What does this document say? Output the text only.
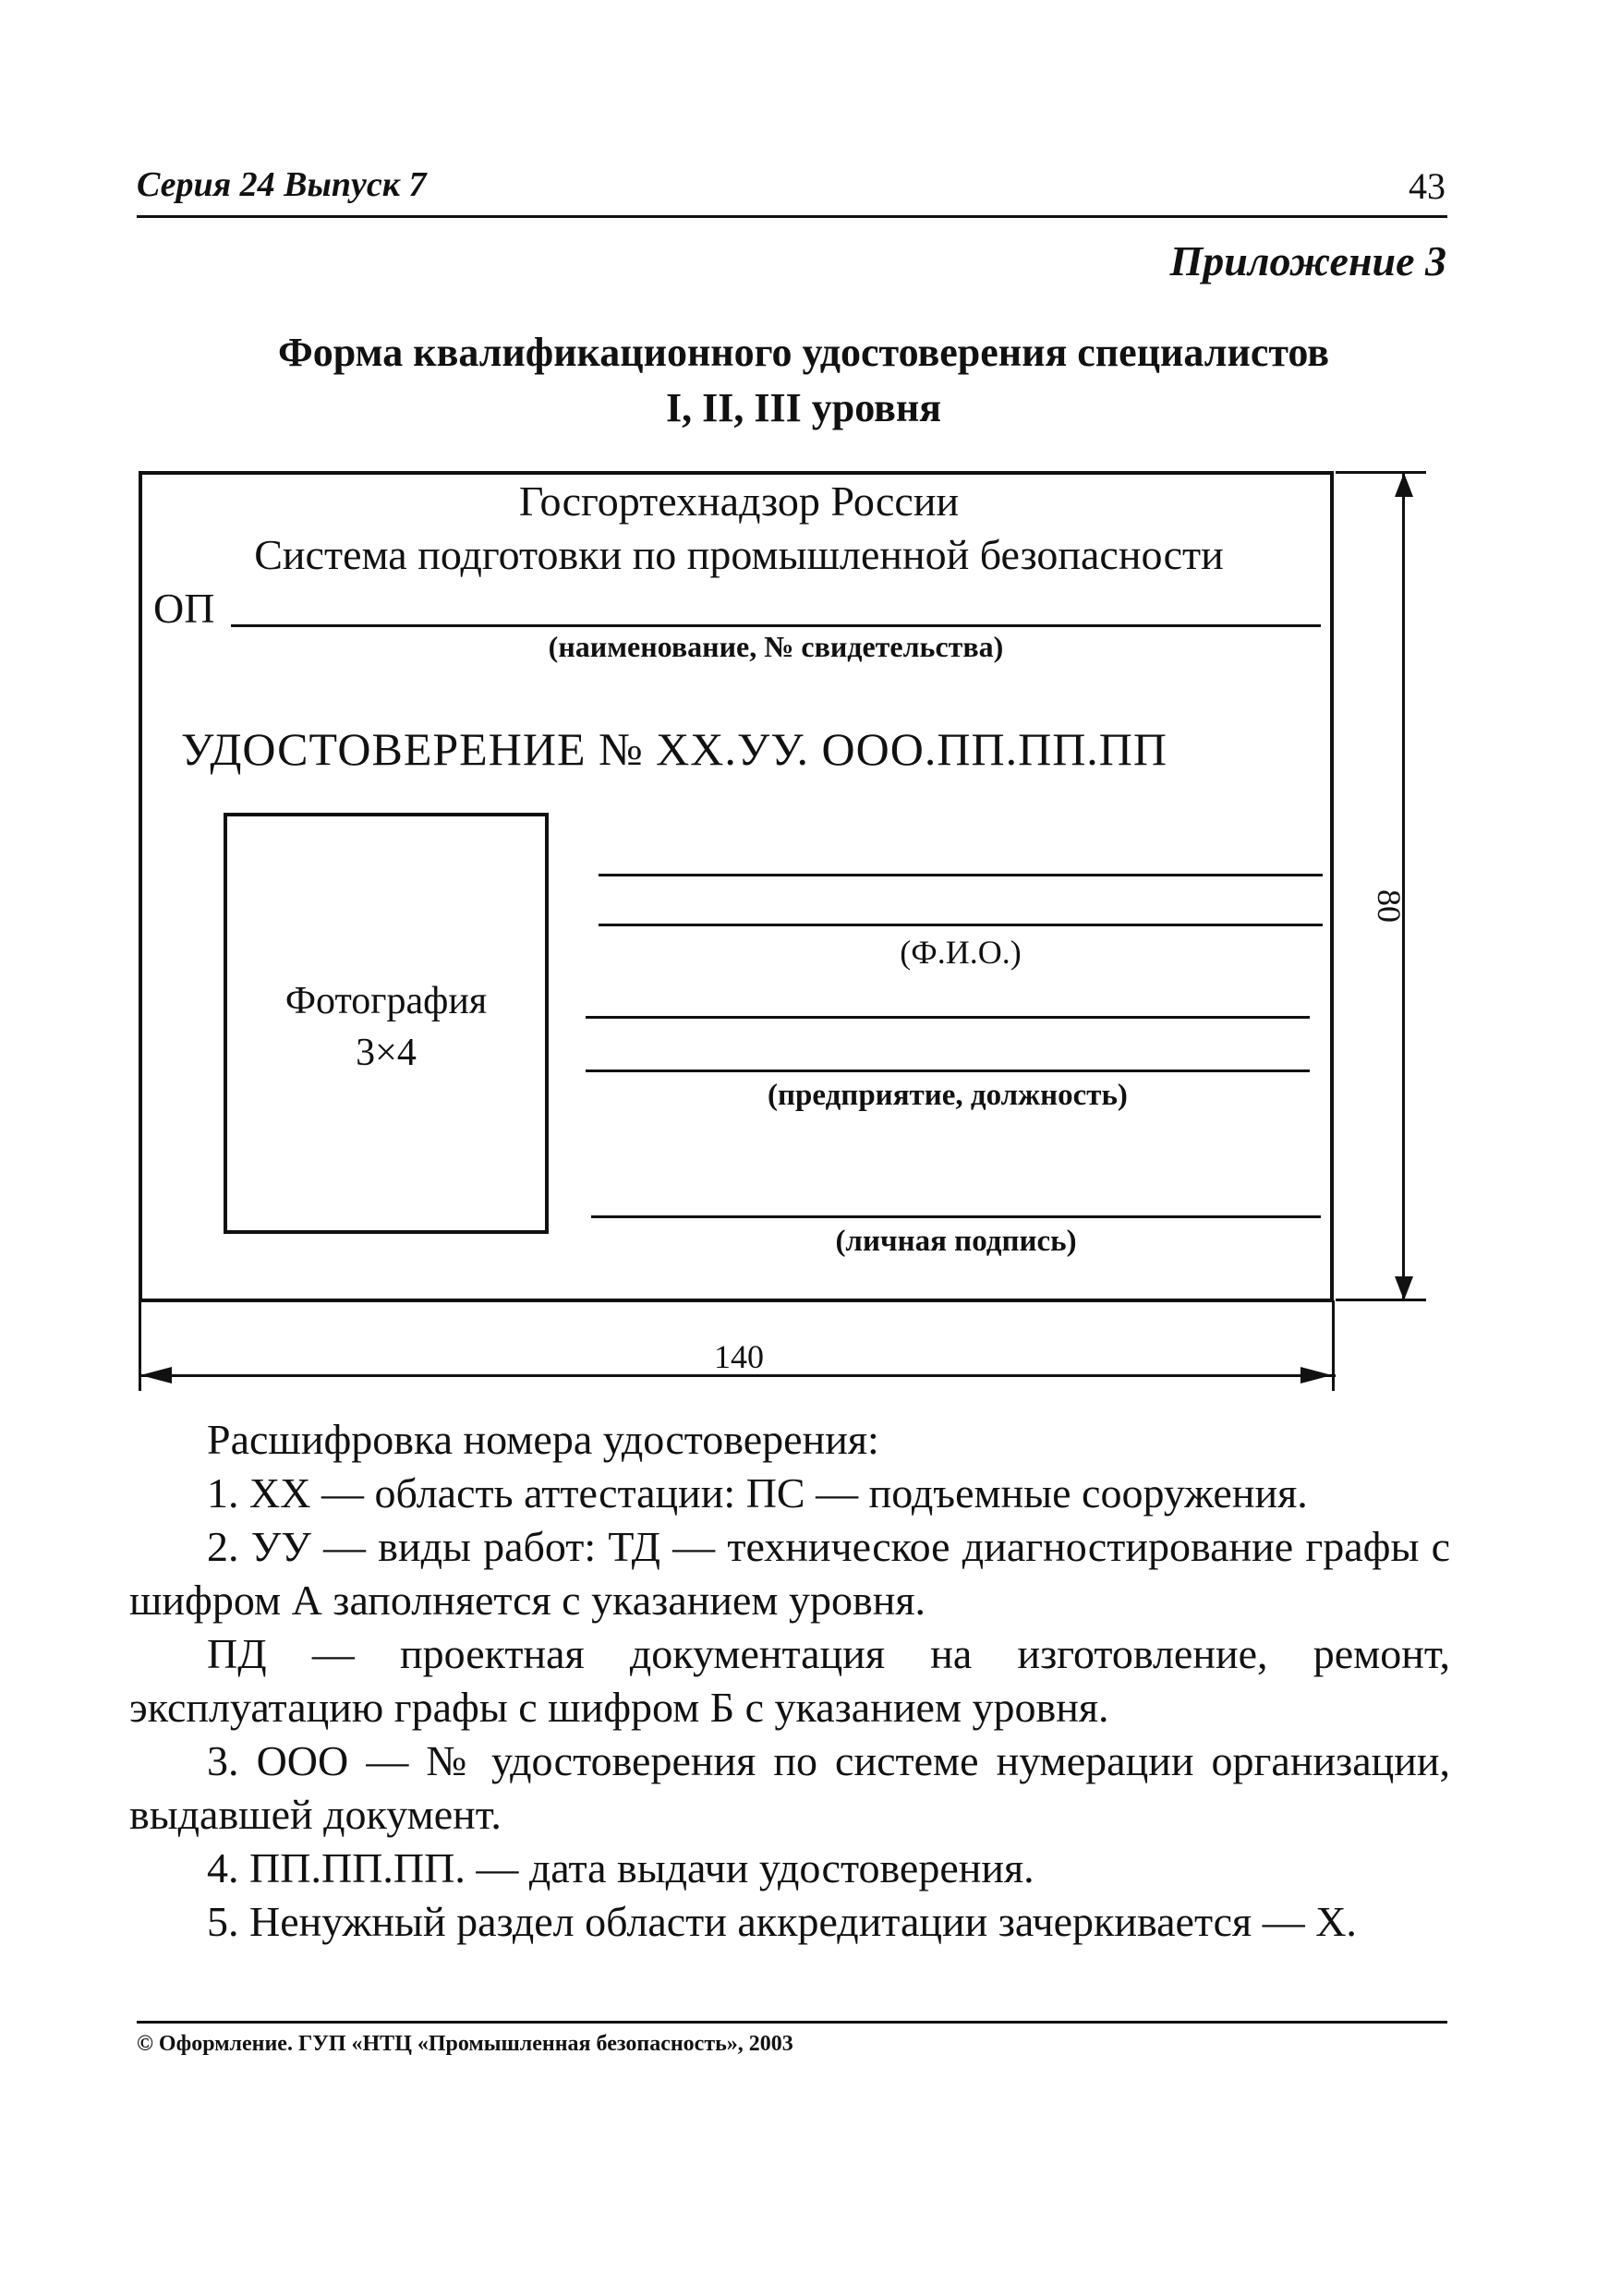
Серия 24 Выпуск 7	43
Приложение 3
Форма квалификационного удостоверения специалистов
I, II, III уровня
Госгортехнадзор России
Система подготовки по промышленной безопасности
ОП
(наименование, № свидетельства)
УДОСТОВЕРЕНИЕ № ХХ.УУ. ООО.ПП.ПП.ПП
Фотография
3×4
(Ф.И.О.)
(предприятие, должность)
(личная подпись)
80
140

Расшифровка номера удостоверения:

1. ХХ — область аттестации: ПС — подъемные сооружения.

2. УУ — виды работ: ТД — техническое диагностирование графы с шифром А заполняется с указанием уровня.

ПД — проектная документация на изготовление, ремонт, эксплуатацию графы с шифром Б с указанием уровня.

3. ООО — № удостоверения по системе нумерации организации, выдавшей документ.

4. ПП.ПП.ПП. — дата выдачи удостоверения.

5. Ненужный раздел области аккредитации зачеркивается — Х.

© Оформление. ГУП «НТЦ «Промышленная безопасность», 2003
